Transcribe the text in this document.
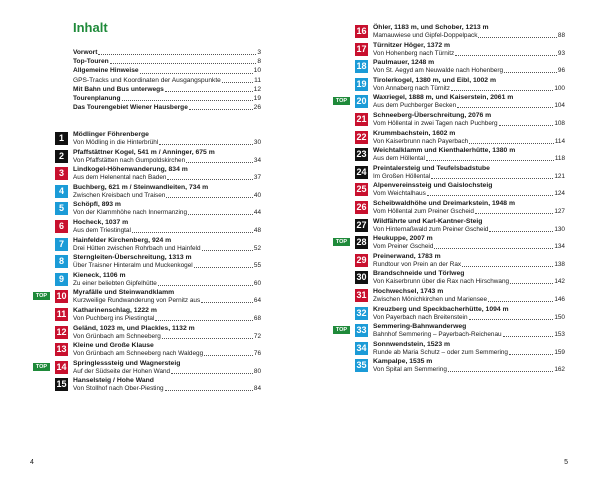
Inhalt
Vorwort	3
Top-Touren	8
Allgemeine Hinweise	10
GPS-Tracks und Koordinaten der Ausgangspunkte	11
Mit Bahn und Bus unterwegs	12
Tourenplanung	19
Das Tourengebiet Wiener Hausberge	26
1	Mödlinger Föhrenberge
Von Mödling in die Hinterbrühl	30
2	Pfaffstättner Kogel, 541 m / Anninger, 675 m
Von Pfaffstätten nach Gumpoldskirchen	34
3	Lindkogel-Höhenwanderung, 834 m
Aus dem Helenental nach Baden	37
4	Buchberg, 621 m / Steinwandleiten, 734 m
Zwischen Kreisbach und Traisen	40
5	Schöpfl, 893 m
Von der Klammhöhe nach Innermanzing	44
6	Hocheck, 1037 m
Aus dem Triestingtal	48
7	Hainfelder Kirchenberg, 924 m
Drei Hütten zwischen Rohrbach und Hainfeld	52
8	Sterngleiten-Überschreitung, 1313 m
Über Traisner Hinteralm und Muckenkogel	55
9	Kieneck, 1106 m
Zu einer beliebten Gipfelhütte	60
TOP	10 Myrafälle und Steinwandklamm
Kurzweilige Rundwanderung von Pernitz aus	64
11 Katharinenschlag, 1222 m
Von Puchberg ins Piestingtal	68
12 Geländ, 1023 m, und Plackles, 1132 m
Von Grünbach am Schneeberg	72
13 Kleine und Große Klause
Von Grünbach am Schneeberg nach Waldegg	76
TOP	14 Springlesssteig und Wagnersteig
Auf der Südseite der Hohen Wand	80
15 Hanselsteig / Hohe Wand
Von Stollhof nach Ober-Piesting	84
4
16 Öhler, 1183 m, und Schober, 1213 m
Mamauwiese und Gipfel-Doppelpack	88
17 Türnitzer Höger, 1372 m
Von Hohenberg nach Türnitz	93
18 Paulmauer, 1248 m
Von St. Aegyd am Neuwalde nach Hohenberg	96
19 Tirolerkogel, 1380 m, und Eibl, 1002 m
Von Annaberg nach Türnitz	100
TOP	20 Waxriegel, 1888 m, und Kaiserstein, 2061 m
Aus dem Puchberger Becken	104
21 Schneeberg-Überschreitung, 2076 m
Vom Höllental in zwei Tagen nach Puchberg	108
22 Krummbachstein, 1602 m
Von Kaiserbrunn nach Payerbach	114
23 Weichtalklamm und Kienthalerhütte, 1380 m
Aus dem Höllental	118
24 Preintalersteig und Teufelsbadstube
Im Großen Höllental	121
25 Alpenvereinssteig und Gaislochsteig
Vom Weichtalhaus	124
26 Scheibwaldhöhe und Dreimarkstein, 1948 m
Vom Höllental zum Preiner Gscheid	127
27 Wildfährte und Karl-Kantner-Steig
Von Hinternaßwald zum Preiner Gscheid	130
TOP	28 Heukuppe, 2007 m
Vom Preiner Gscheid	134
29 Preinerwand, 1783 m
Rundtour von Prein an der Rax	138
30 Brandschneide und Törlweg
Von Kaiserbrunn über die Rax nach Hirschwang	142
31 Hochwechsel, 1743 m
Zwischen Mönichkirchen und Mariensee	146
32 Kreuzberg und Speckbacherhütte, 1094 m
Von Payerbach nach Breitenstein	150
TOP	33 Semmering-Bahnwanderweg
Bahnhof Semmering – Payerbach-Reichenau	153
34 Sonnwendstein, 1523 m
Runde ab Maria Schutz – oder zum Semmering	159
35 Kampalpe, 1535 m
Von Spital am Semmering	162
5
